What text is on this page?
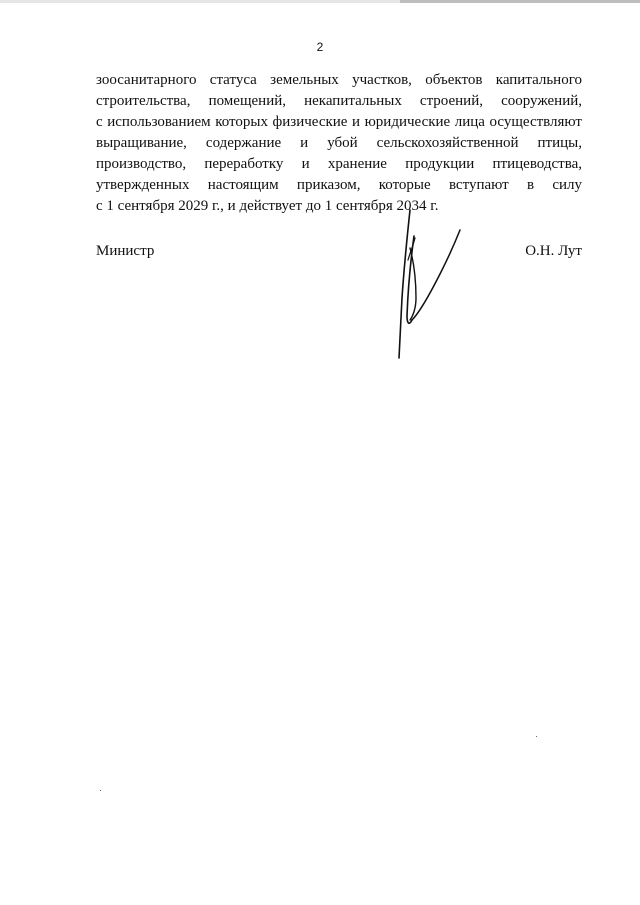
2
зоосанитарного статуса земельных участков, объектов капитального
строительства, помещений, некапитальных строений, сооружений,
с использованием которых физические и юридические лица осуществляют
выращивание, содержание и убой сельскохозяйственной птицы,
производство, переработку и хранение продукции птицеводства,
утвержденных настоящим приказом, которые вступают в силу
с 1 сентября 2029 г., и действует до 1 сентября 2034 г.
Министр	О.Н. Лут
